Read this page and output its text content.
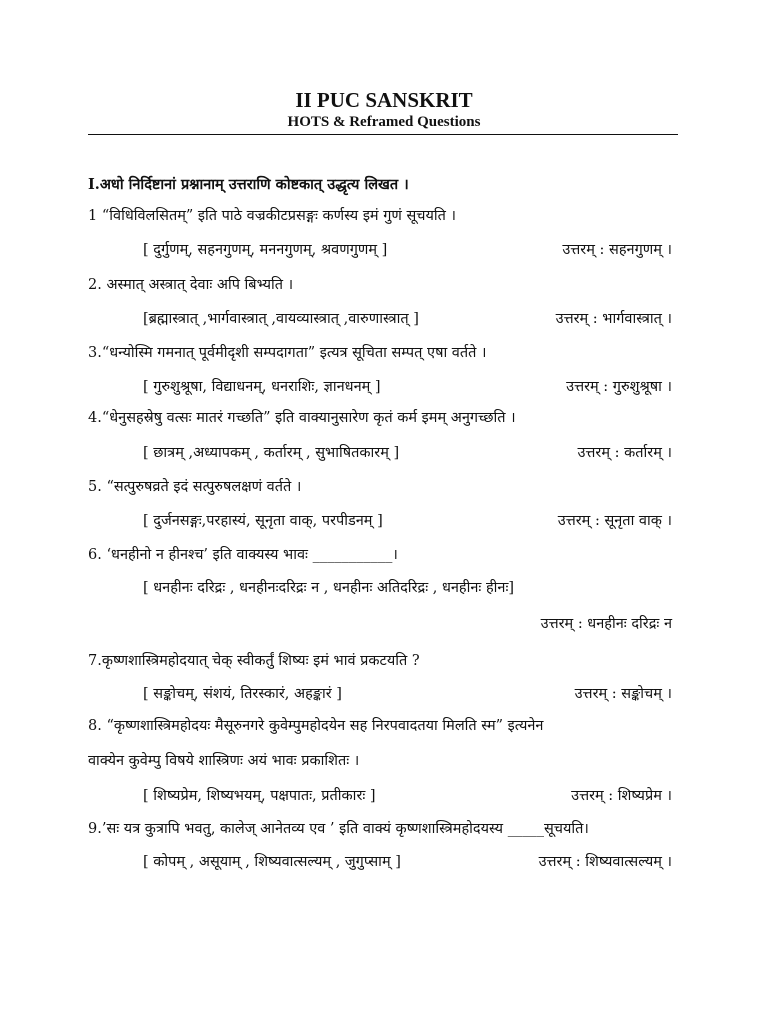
II PUC SANSKRIT
HOTS & Reframed Questions
I.अधो निर्दिष्टानां प्रश्नानाम् उत्तराणि कोष्टकात् उद्धृत्य लिखत ।
1 “विधिविलसितम्” इति पाठे वज्रकीटप्रसङ्गः कर्णस्य इमं गुणं सूचयति ।
[ दुर्गुणम्, सहनगुणम्, मननगुणम्, श्रवणगुणम् ]	उत्तरम् : सहनगुणम् ।
2. अस्मात् अस्त्रात् देवाः अपि बिभ्यति ।
[ब्रह्मास्त्रात् ,भार्गवास्त्रात् ,वायव्यास्त्रात् ,वारुणास्त्रात् ]	उत्तरम् : भार्गवास्त्रात् ।
3.“धन्योस्मि गमनात् पूर्वमीदृशी सम्पदागता” इत्यत्र सूचिता सम्पत् एषा वर्तते ।
[ गुरुशुश्रूषा, विद्याधनम्, धनराशिः, ज्ञानधनम् ]	उत्तरम् : गुरुशुश्रूषा ।
4.“धेनुसहस्रेषु वत्सः मातरं गच्छति” इति वाक्यानुसारेण कृतं कर्म इमम् अनुगच्छति ।
[ छात्रम् ,अध्यापकम् , कर्तारम् , सुभाषितकारम् ]	उत्तरम् : कर्तारम् ।
5. “सत्पुरुषव्रते इदं सत्पुरुषलक्षणं वर्तते ।
[ दुर्जनसङ्गः,परहास्यं, सूनृता वाक्, परपीडनम् ]	उत्तरम् : सूनृता वाक् ।
6. ‘धनहीनो न हीनश्च’ इति वाक्यस्य भावः ___________।
[ धनहीनः दरिद्रः , धनहीनःदरिद्रः न , धनहीनः अतिदरिद्रः , धनहीनः हीनः]
उत्तरम् : धनहीनः दरिद्रः न
7.कृष्णशास्त्रिमहोदयात् चेक् स्वीकर्तुं शिष्यः इमं भावं प्रकटयति ?
[ सङ्कोचम्, संशयं, तिरस्कारं, अहङ्कारं ]	उत्तरम् : सङ्कोचम् ।
8. “कृष्णशास्त्रिमहोदयः मैसूरुनगरे कुवेम्पुमहोदयेन सह निरपवादतया मिलति स्म” इत्यनेन
वाक्येन कुवेम्पु विषये शास्त्रिणः अयं भावः प्रकाशितः ।
[ शिष्यप्रेम, शिष्यभयम्, पक्षपातः, प्रतीकारः ]	उत्तरम् : शिष्यप्रेम ।
9.’सः यत्र कुत्रापि भवतु, कालेज् आनेतव्य एव ’ इति वाक्यं कृष्णशास्त्रिमहोदयस्य _____सूचयति।
[ कोपम् , असूयाम् , शिष्यवात्सल्यम् , जुगुप्साम् ]	उत्तरम् : शिष्यवात्सल्यम् ।
